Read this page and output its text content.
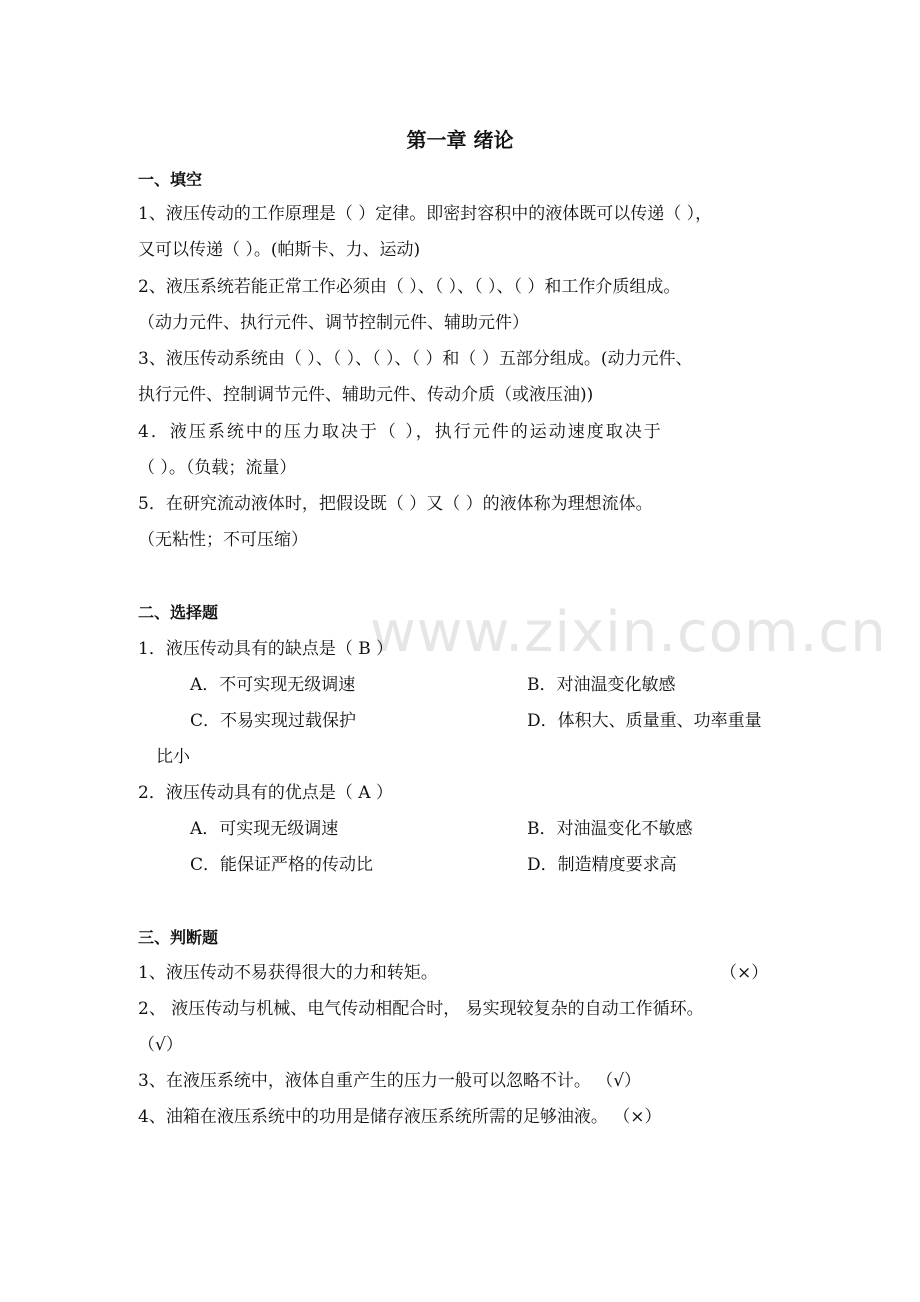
www.zixin.com.cn
第一章 绪论
一、填空
1、液压传动的工作原理是（ ）定律。即密封容积中的液体既可以传递（ ），
又可以传递（ ）。(帕斯卡、力、运动)
2、液压系统若能正常工作必须由（ ）、（ ）、（ ）、（ ）和工作介质组成。
（动力元件、执行元件、调节控制元件、辅助元件）
3、液压传动系统由（ ）、（ ）、（ ）、（ ）和（ ）五部分组成。(动力元件、
执行元件、控制调节元件、辅助元件、传动介质（或液压油))
4．液压系统中的压力取决于（ ），执行元件的运动速度取决于
（ ）。（负载；流量）
5．在研究流动液体时，把假设既（ ）又（ ）的液体称为理想流体。
（无粘性；不可压缩）
二、选择题
1．液压传动具有的缺点是（ B ）
A．不可实现无级调速	B．对油温变化敏感
C．不易实现过载保护	D．体积大、质量重、功率重量
比小
2．液压传动具有的优点是（ A ）
A．可实现无级调速	B．对油温变化不敏感
C．能保证严格的传动比	D．制造精度要求高
三、判断题
1、液压传动不易获得很大的力和转矩。	（×）
2、 液压传动与机械、电气传动相配合时， 易实现较复杂的自动工作循环。
（√）
3、在液压系统中，液体自重产生的压力一般可以忽略不计。 （√）
4、油箱在液压系统中的功用是储存液压系统所需的足够油液。 （×）
